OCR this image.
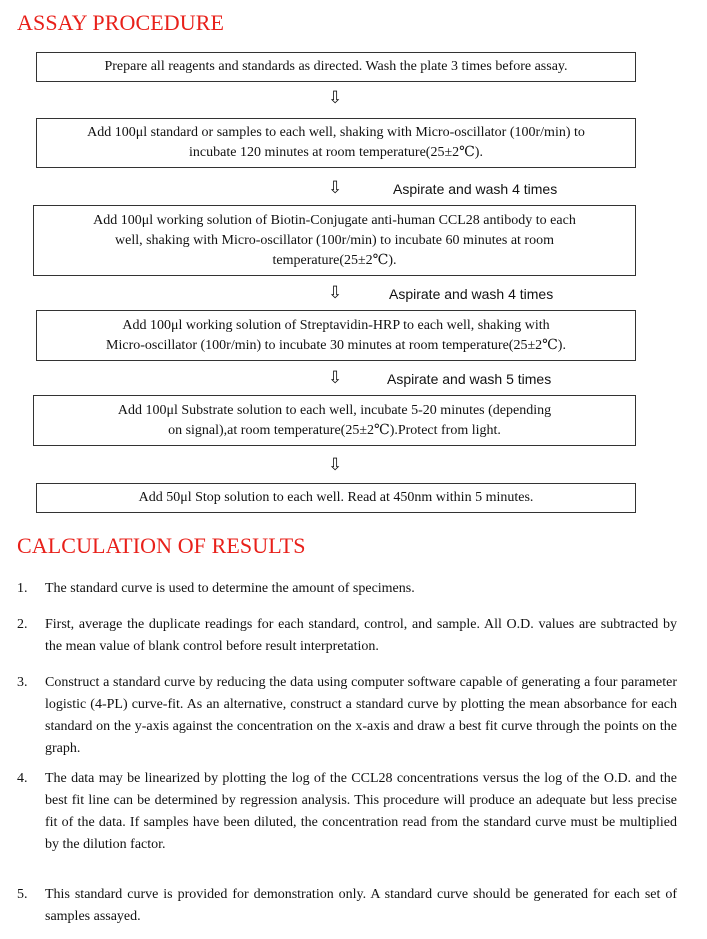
ASSAY PROCEDURE
Prepare all reagents and standards as directed. Wash the plate 3 times before assay.
⇩
Add 100μl standard or samples to each well, shaking with Micro-oscillator (100r/min) to
incubate 120 minutes at room temperature(25±2℃).
⇩	Aspirate and wash 4 times
Add 100μl working solution of Biotin-Conjugate anti-human CCL28 antibody to each
well, shaking with Micro-oscillator (100r/min) to incubate 60 minutes at room
temperature(25±2℃).
⇩	Aspirate and wash 4 times
Add 100μl working solution of Streptavidin-HRP to each well, shaking with
Micro-oscillator (100r/min) to incubate 30 minutes at room temperature(25±2℃).
⇩	Aspirate and wash 5 times
Add 100μl Substrate solution to each well, incubate 5-20 minutes (depending
on signal),at room temperature(25±2℃).Protect from light.
⇩
Add 50μl Stop solution to each well. Read at 450nm within 5 minutes.
CALCULATION OF RESULTS
1.	The standard curve is used to determine the amount of specimens.
2.	First, average the duplicate readings for each standard, control, and sample. All O.D. values are subtracted by the mean value of blank control before result interpretation.
3.	Construct a standard curve by reducing the data using computer software capable of generating a four parameter logistic (4-PL) curve-fit. As an alternative, construct a standard curve by plotting the mean absorbance for each standard on the y-axis against the concentration on the x-axis and draw a best fit curve through the points on the graph.
4.	The data may be linearized by plotting the log of the CCL28 concentrations versus the log of the O.D. and the best fit line can be determined by regression analysis. This procedure will produce an adequate but less precise fit of the data. If samples have been diluted, the concentration read from the standard curve must be multiplied by the dilution factor.
5.	This standard curve is provided for demonstration only. A standard curve should be generated for each set of samples assayed.
